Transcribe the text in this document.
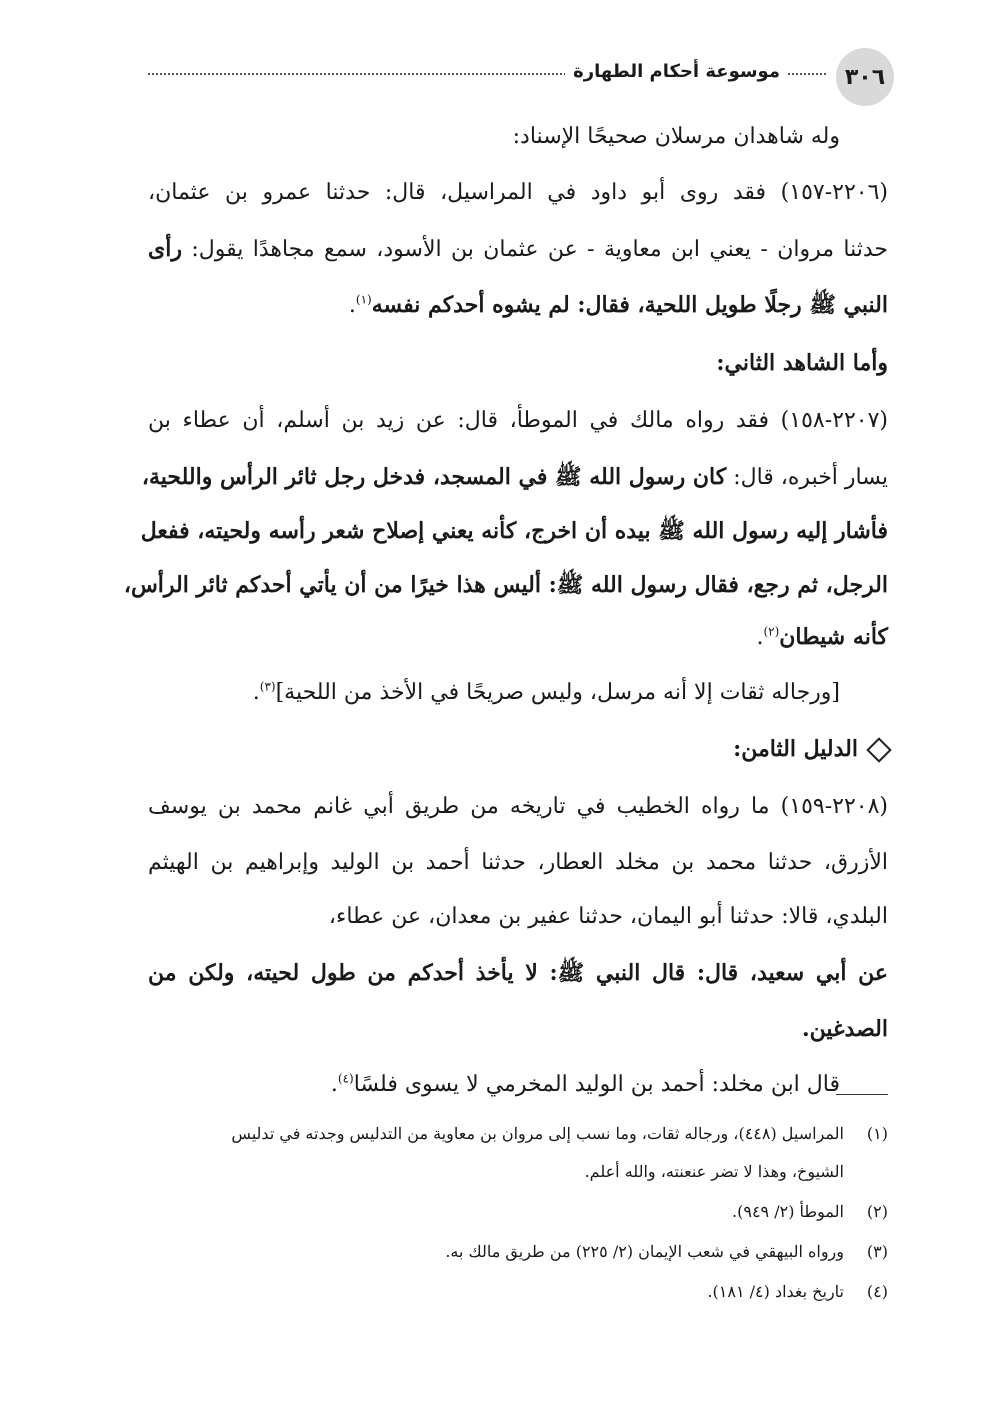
موسوعة أحكام الطهارة	٣٠٦
وله شاهدان مرسلان صحيحًا الإسناد:
(٢٢٠٦-١٥٧) فقد روى أبو داود في المراسيل، قال: حدثنا عمرو بن عثمان،
حدثنا مروان - يعني ابن معاوية - عن عثمان بن الأسود، سمع مجاهدًا يقول: رأى
النبي ﷺ رجلًا طويل اللحية، فقال: لم يشوه أحدكم نفسه$^{(١)}$.
وأما الشاهد الثاني:
(٢٢٠٧-١٥٨) فقد رواه مالك في الموطأ، قال: عن زيد بن أسلم، أن عطاء بن
يسار أخبره، قال: كان رسول الله ﷺ في المسجد، فدخل رجل ثائر الرأس واللحية،
فأشار إليه رسول الله ﷺ بيده أن اخرج، كأنه يعني إصلاح شعر رأسه ولحيته، ففعل
الرجل، ثم رجع، فقال رسول الله ﷺ: أليس هذا خيرًا من أن يأتي أحدكم ثائر الرأس،
كأنه شيطان$^{(٢)}$.
[ورجاله ثقات إلا أنه مرسل، وليس صريحًا في الأخذ من اللحية]$^{(٣)}$.
الدليل الثامن:
(٢٢٠٨-١٥٩) ما رواه الخطيب في تاريخه من طريق أبي غانم محمد بن يوسف
الأزرق، حدثنا محمد بن مخلد العطار، حدثنا أحمد بن الوليد وإبراهيم بن الهيثم
البلدي، قالا: حدثنا أبو اليمان، حدثنا عفير بن معدان، عن عطاء،
عن أبي سعيد، قال: قال النبي ﷺ: لا يأخذ أحدكم من طول لحيته، ولكن من
الصدغين.
قال ابن مخلد: أحمد بن الوليد المخرمي لا يسوى فلسًا$^{(٤)}$.
(١)المراسيل (٤٤٨)، ورجاله ثقات، وما نسب إلى مروان بن معاوية من التدليس وجدته في تدليس
الشيوخ، وهذا لا تضر عنعنته، والله أعلم.
(٢)الموطأ (٢/ ٩٤٩).
(٣)ورواه البيهقي في شعب الإيمان (٢/ ٢٢٥) من طريق مالك به.
(٤)تاريخ بغداد (٤/ ١٨١).
